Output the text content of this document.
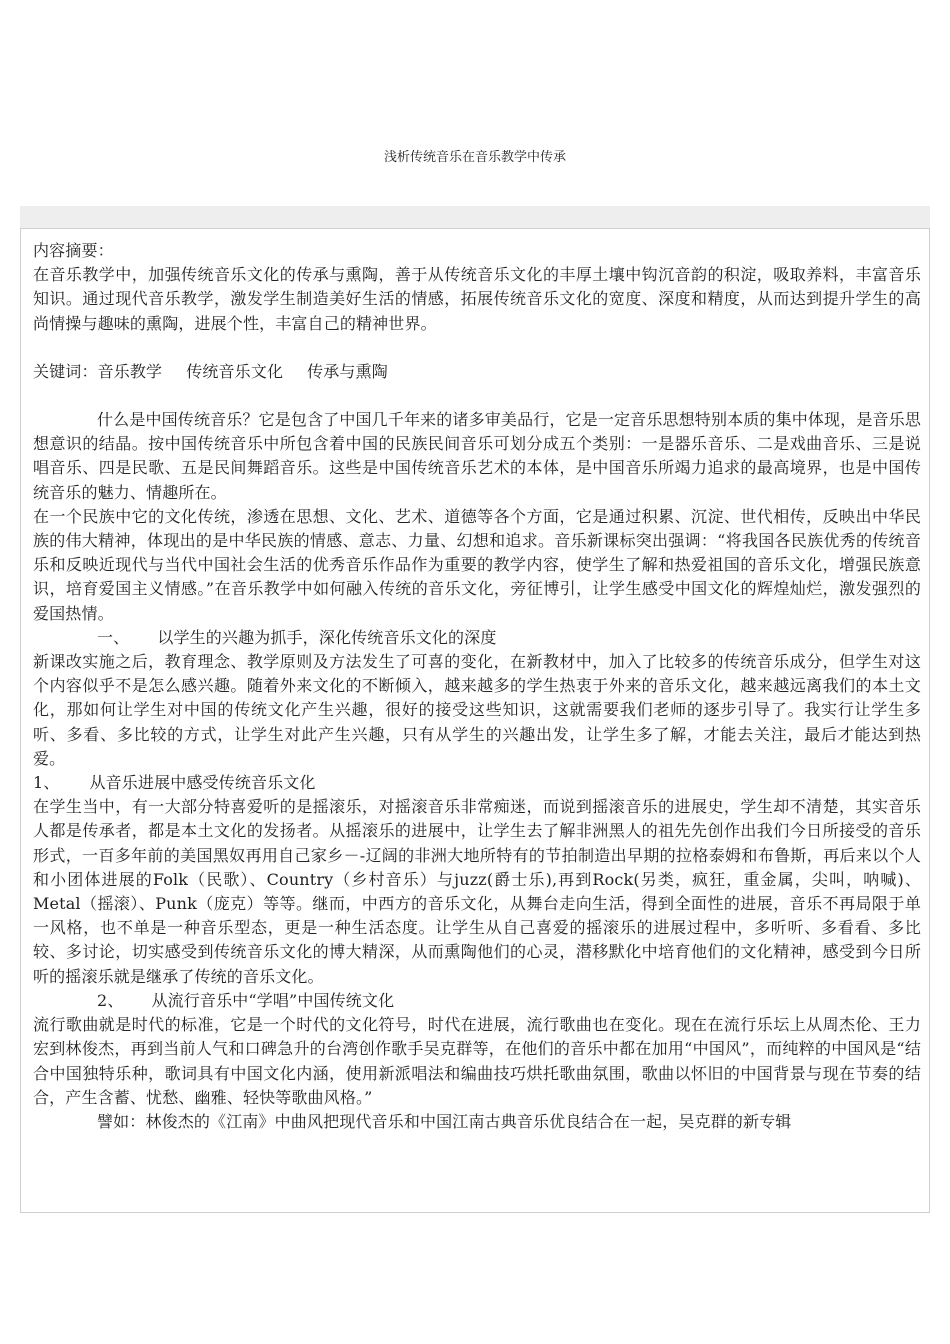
浅析传统音乐在音乐教学中传承

内容摘要：

在音乐教学中，加强传统音乐文化的传承与熏陶，善于从传统音乐文化的丰厚土壤中钩沉音韵的积淀，吸取养料，丰富音乐知识。通过现代音乐教学，激发学生制造美好生活的情感，拓展传统音乐文化的宽度、深度和精度，从而达到提升学生的高尚情操与趣味的熏陶，进展个性，丰富自己的精神世界。

关键词：音乐教学 传统音乐文化 传承与熏陶

什么是中国传统音乐？它是包含了中国几千年来的诸多审美品行，它是一定音乐思想特别本质的集中体现，是音乐思想意识的结晶。按中国传统音乐中所包含着中国的民族民间音乐可划分成五个类别：一是器乐音乐、二是戏曲音乐、三是说唱音乐、四是民歌、五是民间舞蹈音乐。这些是中国传统音乐艺术的本体，是中国音乐所竭力追求的最高境界，也是中国传统音乐的魅力、情趣所在。

在一个民族中它的文化传统，渗透在思想、文化、艺术、道德等各个方面，它是通过积累、沉淀、世代相传，反映出中华民族的伟大精神，体现出的是中华民族的情感、意志、力量、幻想和追求。音乐新课标突出强调：“将我国各民族优秀的传统音乐和反映近现代与当代中国社会生活的优秀音乐作品作为重要的教学内容，使学生了解和热爱祖国的音乐文化，增强民族意识，培育爱国主义情感。”在音乐教学中如何融入传统的音乐文化，旁征博引，让学生感受中国文化的辉煌灿烂，激发强烈的爱国热情。

一、 以学生的兴趣为抓手，深化传统音乐文化的深度

新课改实施之后，教育理念、教学原则及方法发生了可喜的变化，在新教材中，加入了比较多的传统音乐成分，但学生对这个内容似乎不是怎么感兴趣。随着外来文化的不断倾入，越来越多的学生热衷于外来的音乐文化，越来越远离我们的本土文化，那如何让学生对中国的传统文化产生兴趣，很好的接受这些知识，这就需要我们老师的逐步引导了。我实行让学生多听、多看、多比较的方式，让学生对此产生兴趣，只有从学生的兴趣出发，让学生多了解，才能去关注，最后才能达到热爱。

1、 从音乐进展中感受传统音乐文化

在学生当中，有一大部分特喜爱听的是摇滚乐，对摇滚音乐非常痴迷，而说到摇滚音乐的进展史，学生却不清楚，其实音乐人都是传承者，都是本土文化的发扬者。从摇滚乐的进展中，让学生去了解非洲黑人的祖先先创作出我们今日所接受的音乐形式，一百多年前的美国黑奴再用自己家乡－-辽阔的非洲大地所特有的节拍制造出早期的拉格泰姆和布鲁斯，再后来以个人和小团体进展的Folk（民歌）、Country（乡村音乐）与juzz(爵士乐),再到Rock(另类，疯狂，重金属，尖叫，呐喊)、Metal（摇滚）、Punk（庞克）等等。继而，中西方的音乐文化，从舞台走向生活，得到全面性的进展，音乐不再局限于单一风格，也不单是一种音乐型态，更是一种生活态度。让学生从自己喜爱的摇滚乐的进展过程中，多听听、多看看、多比较、多讨论，切实感受到传统音乐文化的博大精深，从而熏陶他们的心灵，潜移默化中培育他们的文化精神，感受到今日所听的摇滚乐就是继承了传统的音乐文化。

2、 从流行音乐中“学唱”中国传统文化

流行歌曲就是时代的标准，它是一个时代的文化符号，时代在进展，流行歌曲也在变化。现在在流行乐坛上从周杰伦、王力宏到林俊杰，再到当前人气和口碑急升的台湾创作歌手吴克群等，在他们的音乐中都在加用“中国风”，而纯粹的中国风是“结合中国独特乐种，歌词具有中国文化内涵，使用新派唱法和编曲技巧烘托歌曲氛围，歌曲以怀旧的中国背景与现在节奏的结合，产生含蓄、忧愁、幽雅、轻快等歌曲风格。”

譬如：林俊杰的《江南》中曲风把现代音乐和中国江南古典音乐优良结合在一起，吴克群的新专辑
